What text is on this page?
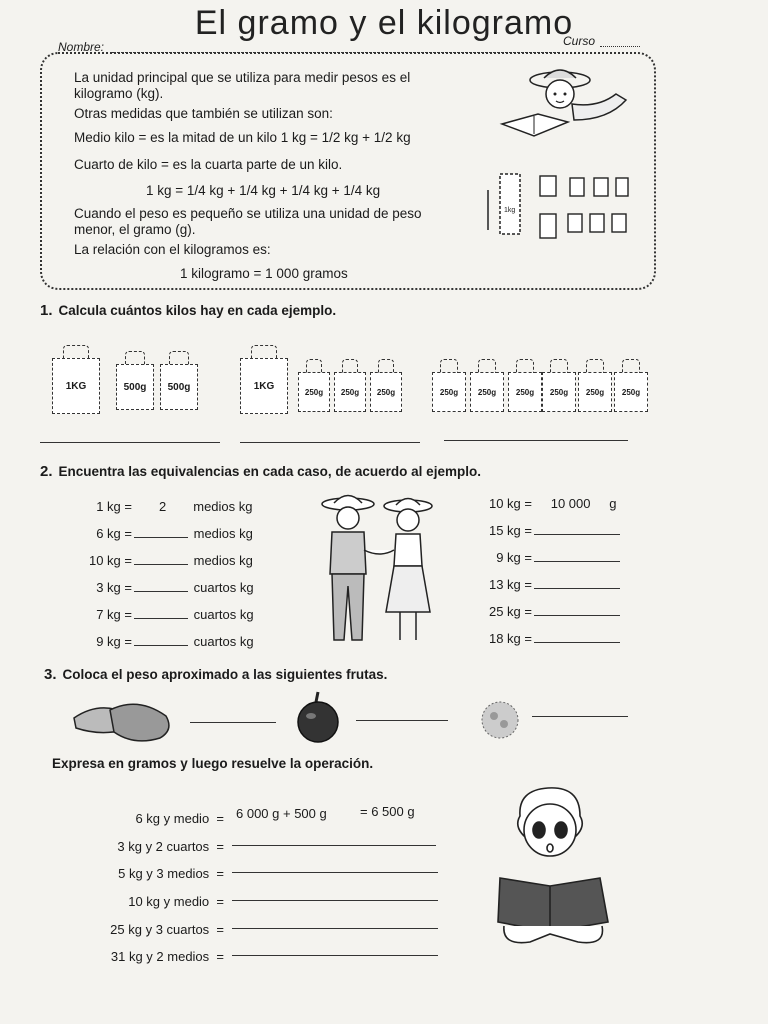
El gramo y el kilogramo
Nombre:	Curso
La unidad principal que se utiliza para medir pesos es el
kilogramo (kg).
Otras medidas que también se utilizan son:
Medio kilo = es la mitad de un kilo 1 kg = 1/2 kg + 1/2 kg
Cuarto de kilo = es la cuarta parte de un kilo.
1 kg = 1/4 kg + 1/4 kg + 1/4 kg + 1/4 kg
Cuando el peso es pequeño se utiliza una unidad de peso
menor, el gramo (g).
La relación con el kilogramos es:
1 kilogramo = 1 000 gramos
1kg
1. Calcula cuántos kilos hay en cada ejemplo.
1KG	500g	500g	1KG
250g	250g	250g	250g	250g	250g	250g	250g	250g
2. Encuentra las equivalencias en cada caso, de acuerdo al ejemplo.
1 kg = 2 medios kg
6 kg =	medios kg
10 kg =	medios kg
3 kg =	cuartos kg
7 kg =	cuartos kg
9 kg =	cuartos kg
10 kg = 10 000 g
15 kg =
9 kg =
13 kg =
25 kg =
18 kg =
3. Coloca el peso aproximado a las siguientes frutas.
Expresa en gramos y luego resuelve la operación.
6 kg y medio = 6 000 g + 500 g	= 6 500 g
3 kg y 2 cuartos =
5 kg y 3 medios =
10 kg y medio =
25 kg y 3 cuartos =
31 kg y 2 medios =
